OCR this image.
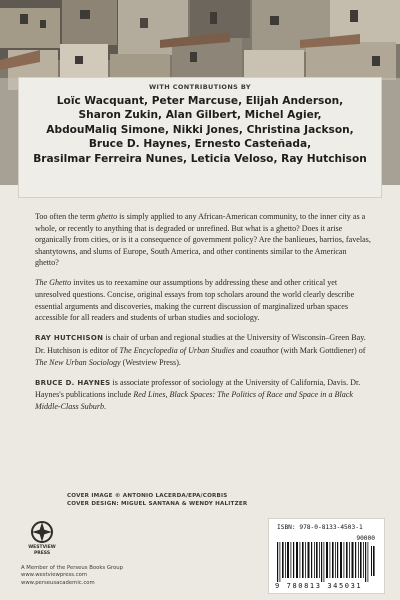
WITH CONTRIBUTIONS BY
Loïc Wacquant, Peter Marcuse, Elijah Anderson,
Sharon Zukin, Alan Gilbert, Michel Agier,
AbdouMaliq Simone, Nikki Jones, Christina Jackson,
Bruce D. Haynes, Ernesto Casteñada,
Brasilmar Ferreira Nunes, Leticia Veloso, Ray Hutchison

Too often the term ghetto is simply applied to any African-American community, to the inner city as a whole, or recently to anything that is degraded or unrefined. But what is a ghetto? Does it arise organically from cities, or is it a consequence of government policy? Are the banlieues, barrios, favelas, shantytowns, and slums of Europe, South America, and other continents similar to the American ghetto?

The Ghetto invites us to reexamine our assumptions by addressing these and other critical yet unresolved questions. Concise, original essays from top scholars around the world clearly describe essential arguments and discoveries, making the current discussion of marginalized urban spaces accessible for all readers and students of urban studies and sociology.

RAY HUTCHISON is chair of urban and regional studies at the University of Wisconsin–Green Bay. Dr. Hutchison is editor of The Encyclopedia of Urban Studies and coauthor (with Mark Gottdiener) of The New Urban Sociology (Westview Press).

BRUCE D. HAYNES is associate professor of sociology at the University of California, Davis. Dr. Haynes's publications include Red Lines, Black Spaces: The Politics of Race and Space in a Black Middle-Class Suburb.

COVER IMAGE © ANTONIO LACERDA/EPA/CORBIS
COVER DESIGN: MIGUEL SANTANA & WENDY HALITZER
WESTVIEW
PRESS
A Member of the Perseus Books Group
www.westviewpress.com
www.perseusacademic.com
ISBN: 978-0-8133-4503-1
90000
9 780813 345031
